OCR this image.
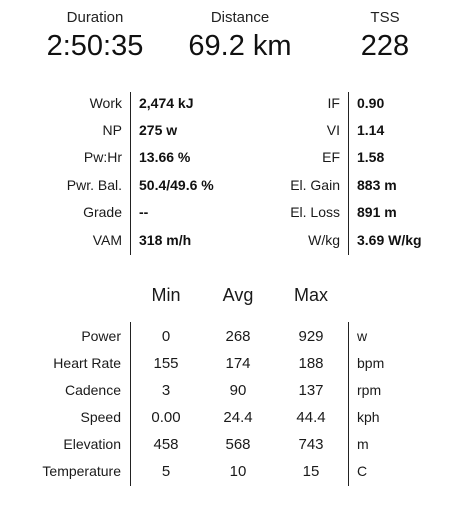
Duration
2:50:35
Distance
69.2 km
TSS
228
Work 2,474 kJ
NP 275 w
Pw:Hr 13.66 %
Pwr. Bal. 50.4/49.6 %
Grade --
VAM 318 m/h
IF 0.90
VI 1.14
EF 1.58
El. Gain 883 m
El. Loss 891 m
W/kg 3.69 W/kg
Min	Avg	Max
Power	0	268	929	w
Heart Rate	155	174	188	bpm
Cadence	3	90	137	rpm
Speed	0.00	24.4	44.4	kph
Elevation	458	568	743	m
Temperature	5	10	15	C
